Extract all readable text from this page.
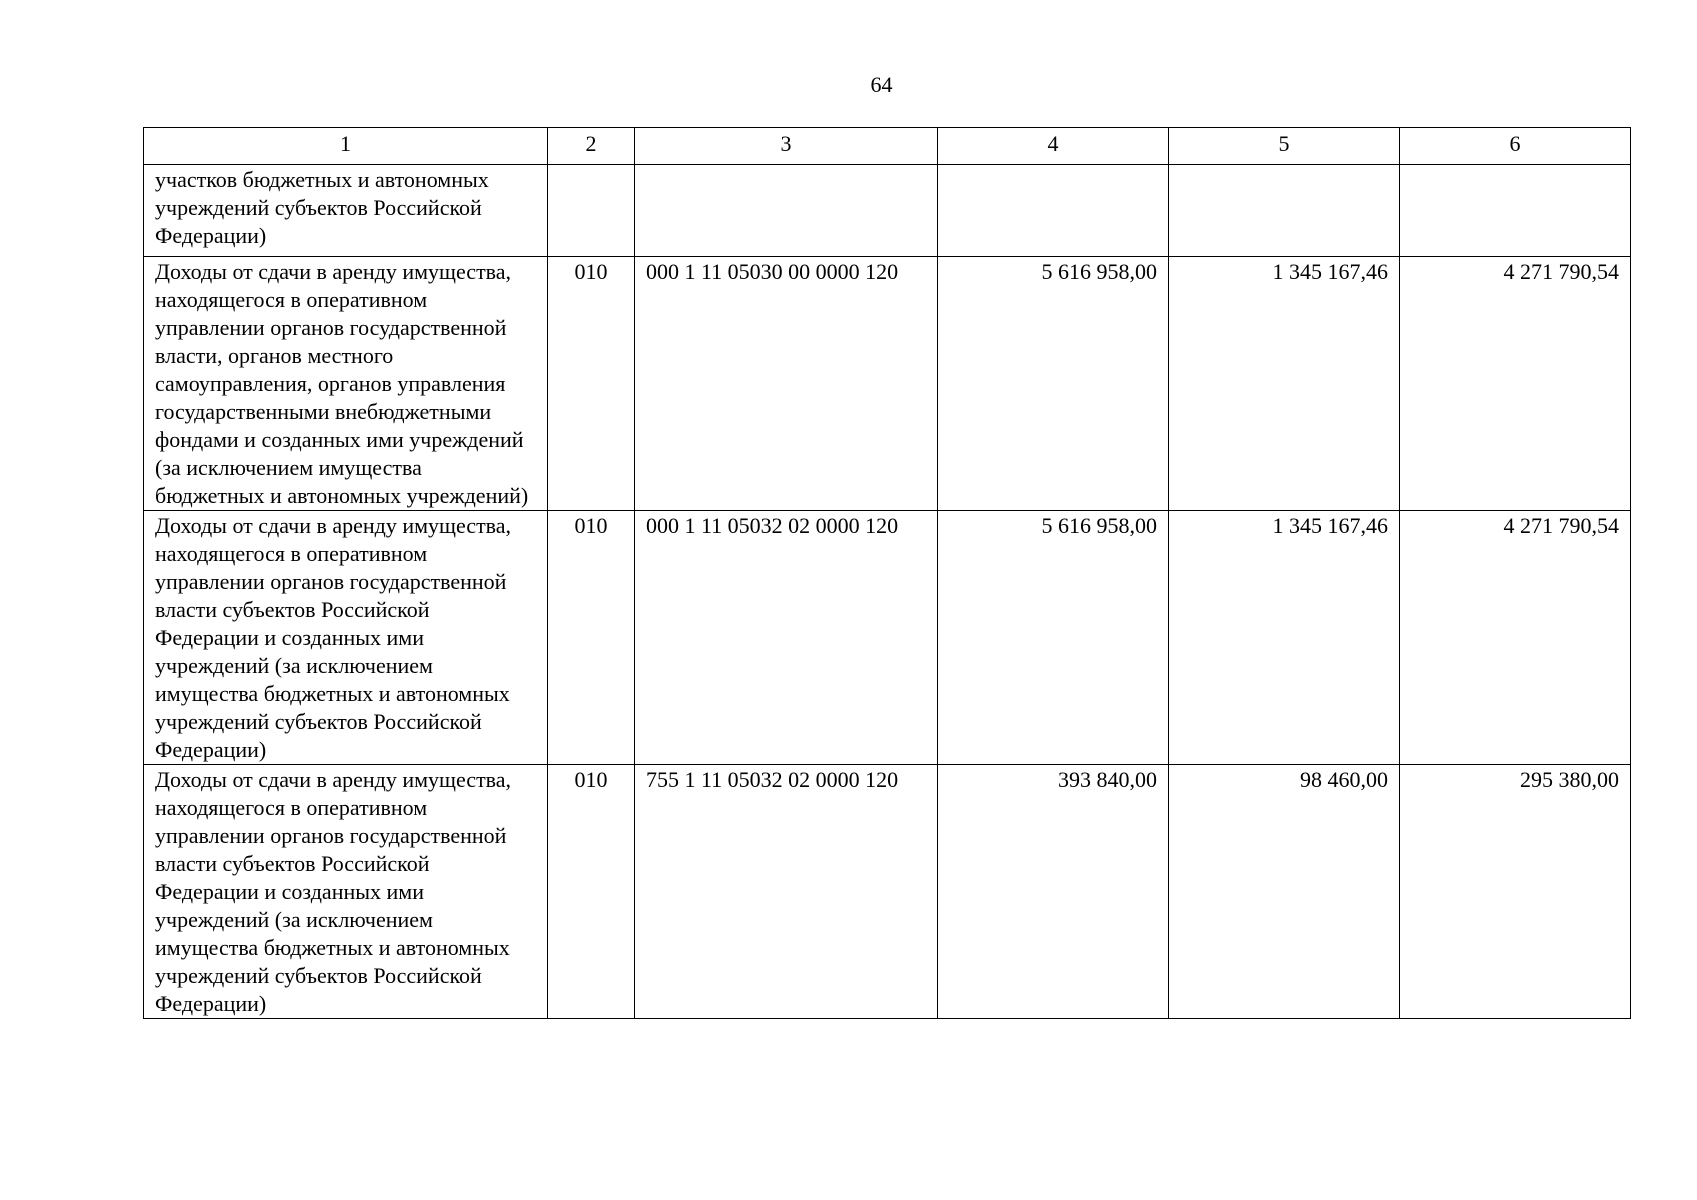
64
1	2	3	4	5	6
участков бюджетных и автономных учреждений субъектов Российской Федерации)					
Доходы от сдачи в аренду имущества, находящегося в оперативном управлении органов государственной власти, органов местного самоуправления, органов управления государственными внебюджетными фондами и созданных ими учреждений (за исключением имущества бюджетных и автономных учреждений)	010	000 1 11 05030 00 0000 120	5 616 958,00	1 345 167,46	4 271 790,54
Доходы от сдачи в аренду имущества, находящегося в оперативном управлении органов государственной власти субъектов Российской Федерации и созданных ими учреждений (за исключением имущества бюджетных и автономных учреждений субъектов Российской Федерации)	010	000 1 11 05032 02 0000 120	5 616 958,00	1 345 167,46	4 271 790,54
Доходы от сдачи в аренду имущества, находящегося в оперативном управлении органов государственной власти субъектов Российской Федерации и созданных ими учреждений (за исключением имущества бюджетных и автономных учреждений субъектов Российской Федерации)	010	755 1 11 05032 02 0000 120	393 840,00	98 460,00	295 380,00
